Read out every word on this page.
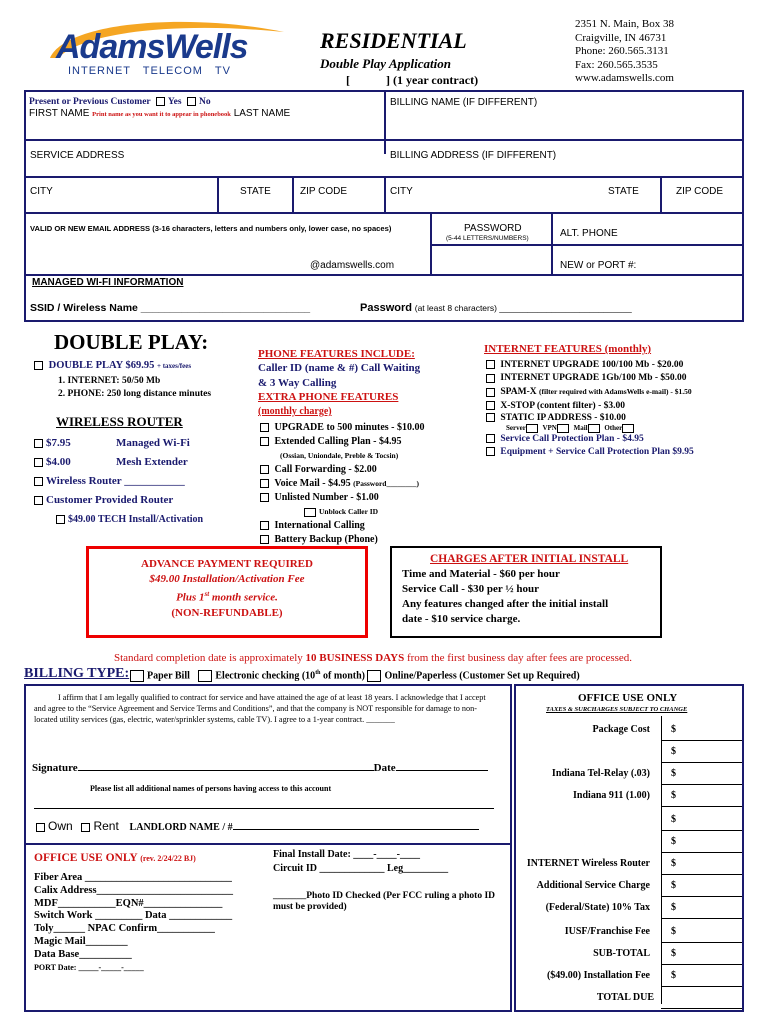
AdamsWells
INTERNET   TELECOM   TV
RESIDENTIAL
Double Play Application
[            ] (1 year contract)
2351 N. Main, Box 38
Craigville, IN 46731
Phone: 260.565.3131
Fax: 260.565.3535
www.adamswells.com
Present or Previous Customer Yes No
FIRST NAME Print name as you want it to appear in phonebook LAST NAME
BILLING NAME (IF DIFFERENT)
SERVICE ADDRESS	BILLING ADDRESS (IF DIFFERENT)
CITY	STATE	ZIP CODE	CITY	STATE	ZIP CODE
VALID OR NEW EMAIL ADDRESS (3-16 characters, letters and numbers only, lower case, no spaces)
@adamswells.com
PASSWORD
(5-44 LETTERS/NUMBERS)	ALT. PHONE
NEW or PORT #:
MANAGED WI-FI INFORMATION
SSID / Wireless Name _____________________________	Password (at least 8 characters) ____________________________
DOUBLE PLAY:
DOUBLE PLAY $69.95 + taxes/fees
1. INTERNET: 50/50 Mb
2. PHONE: 250 long distance minutes
WIRELESS ROUTER
$7.95	Managed Wi-Fi
$4.00	Mesh Extender
Wireless Router ___________
Customer Provided Router
$49.00 TECH Install/Activation
PHONE FEATURES INCLUDE:
Caller ID (name & #) Call Waiting
& 3 Way Calling
EXTRA PHONE FEATURES
(monthly charge)
UPGRADE to 500 minutes - $10.00
Extended Calling Plan - $4.95
(Ossian, Uniondale, Preble & Tocsin)
Call Forwarding - $2.00
Voice Mail - $4.95 (Password________)
Unlisted Number - $1.00
Unblock Caller ID
International Calling
Battery Backup (Phone)
INTERNET FEATURES (monthly)
INTERNET UPGRADE 100/100 Mb - $20.00
INTERNET UPGRADE 1Gb/100 Mb - $50.00
SPAM-X (filter required with AdamsWells e-mail) - $1.50
X-STOP (content filter) - $3.00
STATIC IP ADDRESS - $10.00
Server VPN Mail Other
Service Call Protection Plan - $4.95
Equipment + Service Call Protection Plan $9.95
ADVANCE PAYMENT REQUIRED
$49.00 Installation/Activation Fee
Plus 1st month service.
(NON-REFUNDABLE)
CHARGES AFTER INITIAL INSTALL
Time and Material - $60 per hour
Service Call - $30 per ½ hour
Any features changed after the initial install
date - $10 service charge.
Standard completion date is approximately 10 BUSINESS DAYS from the first business day after fees are processed.
BILLING TYPE:	Paper Bill	Electronic checking (10th of month) Online/Paperless (Customer Set up Required)
I affirm that I am legally qualified to contract for service and have attained the age of at least 18 years. I acknowledge that I accept and agree to the “Service Agreement and Service Terms and Conditions”, and that the company is NOT responsible for damage to non-located utility services (gas, electric, water/sprinkler systems, cable TV). I agree to a 1-year contract. _______
Signature	Date
Please list all additional names of persons having access to this account
Own Rent LANDLORD NAME / #
OFFICE USE ONLY (rev. 2/24/22 BJ)
Fiber Area ____________________________
Calix Address__________________________
MDF___________EQN#_______________
Switch Work _________ Data ____________
Toly______ NPAC Confirm___________
Magic Mail________
Data Base__________
PORT Date: _____-_____-_____
Final Install Date: ____-____-____
Circuit ID _____________ Leg_________
_______Photo ID Checked (Per FCC ruling a photo ID must be provided)
OFFICE USE ONLY
TAXES & SURCHARGES SUBJECT TO CHANGE
Package Cost $
$
Indiana Tel-Relay (.03) $
Indiana 911 (1.00) $
$
$
INTERNET Wireless Router $
Additional Service Charge $
(Federal/State) 10% Tax $
IUSF/Franchise Fee $
SUB-TOTAL $
($49.00) Installation Fee $
TOTAL DUE
